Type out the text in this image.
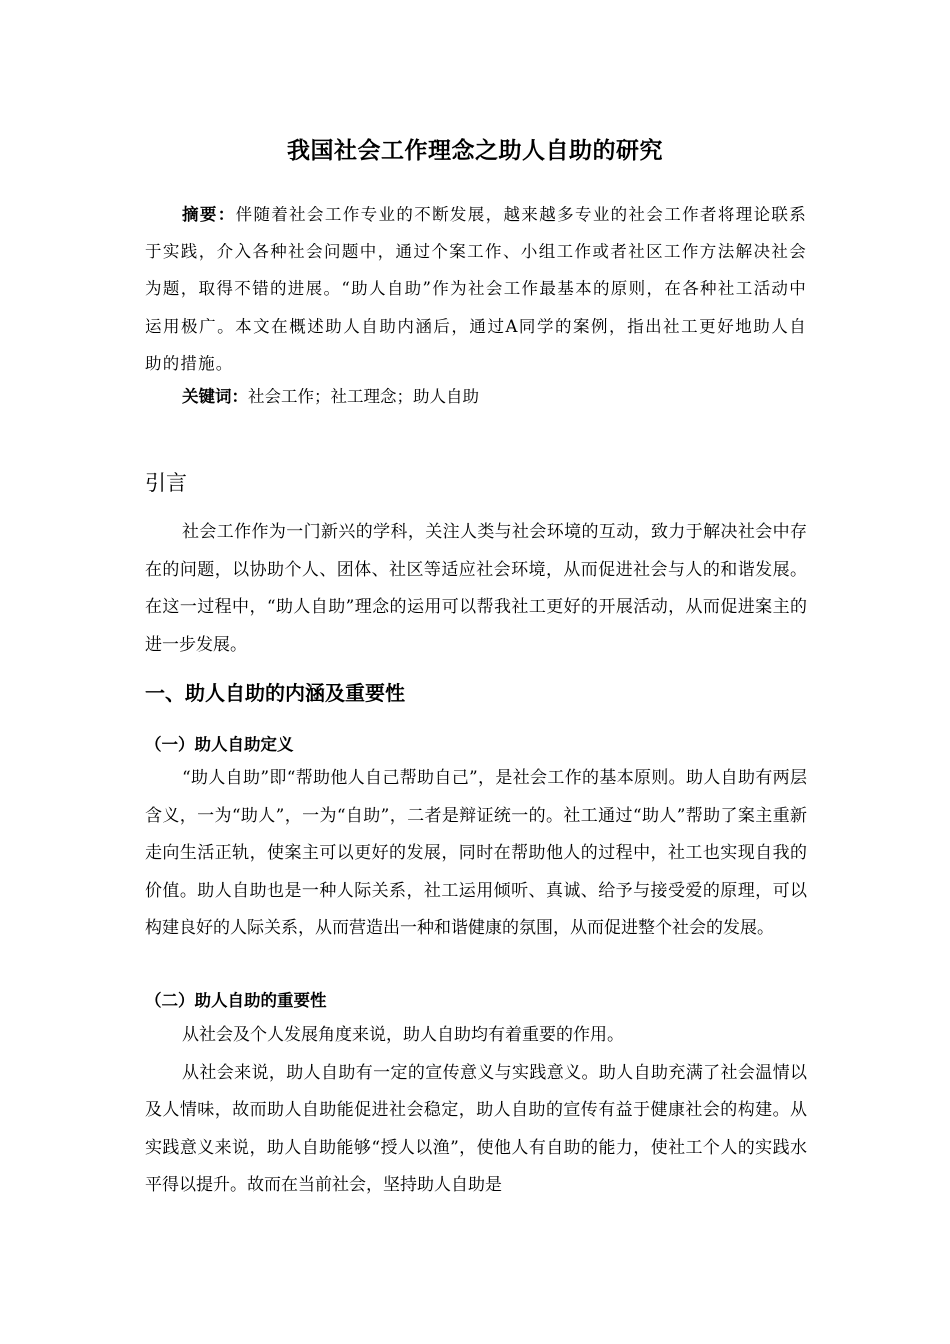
我国社会工作理念之助人自助的研究

摘要：伴随着社会工作专业的不断发展，越来越多专业的社会工作者将理论联系于实践，介入各种社会问题中，通过个案工作、小组工作或者社区工作方法解决社会为题，取得不错的进展。“助人自助”作为社会工作最基本的原则，在各种社工活动中运用极广。本文在概述助人自助内涵后，通过A同学的案例，指出社工更好地助人自助的措施。

关键词：社会工作；社工理念；助人自助
引言

社会工作作为一门新兴的学科，关注人类与社会环境的互动，致力于解决社会中存在的问题，以协助个人、团体、社区等适应社会环境，从而促进社会与人的和谐发展。在这一过程中，“助人自助”理念的运用可以帮我社工更好的开展活动，从而促进案主的进一步发展。

一、助人自助的内涵及重要性
（一）助人自助定义

“助人自助”即“帮助他人自己帮助自己”，是社会工作的基本原则。助人自助有两层含义，一为“助人”，一为“自助”，二者是辩证统一的。社工通过“助人”帮助了案主重新走向生活正轨，使案主可以更好的发展，同时在帮助他人的过程中，社工也实现自我的价值。助人自助也是一种人际关系，社工运用倾听、真诚、给予与接受爱的原理，可以构建良好的人际关系，从而营造出一种和谐健康的氛围，从而促进整个社会的发展。

（二）助人自助的重要性

从社会及个人发展角度来说，助人自助均有着重要的作用。

从社会来说，助人自助有一定的宣传意义与实践意义。助人自助充满了社会温情以及人情味，故而助人自助能促进社会稳定，助人自助的宣传有益于健康社会的构建。从实践意义来说，助人自助能够“授人以渔”，使他人有自助的能力，使社工个人的实践水平得以提升。故而在当前社会，坚持助人自助是
